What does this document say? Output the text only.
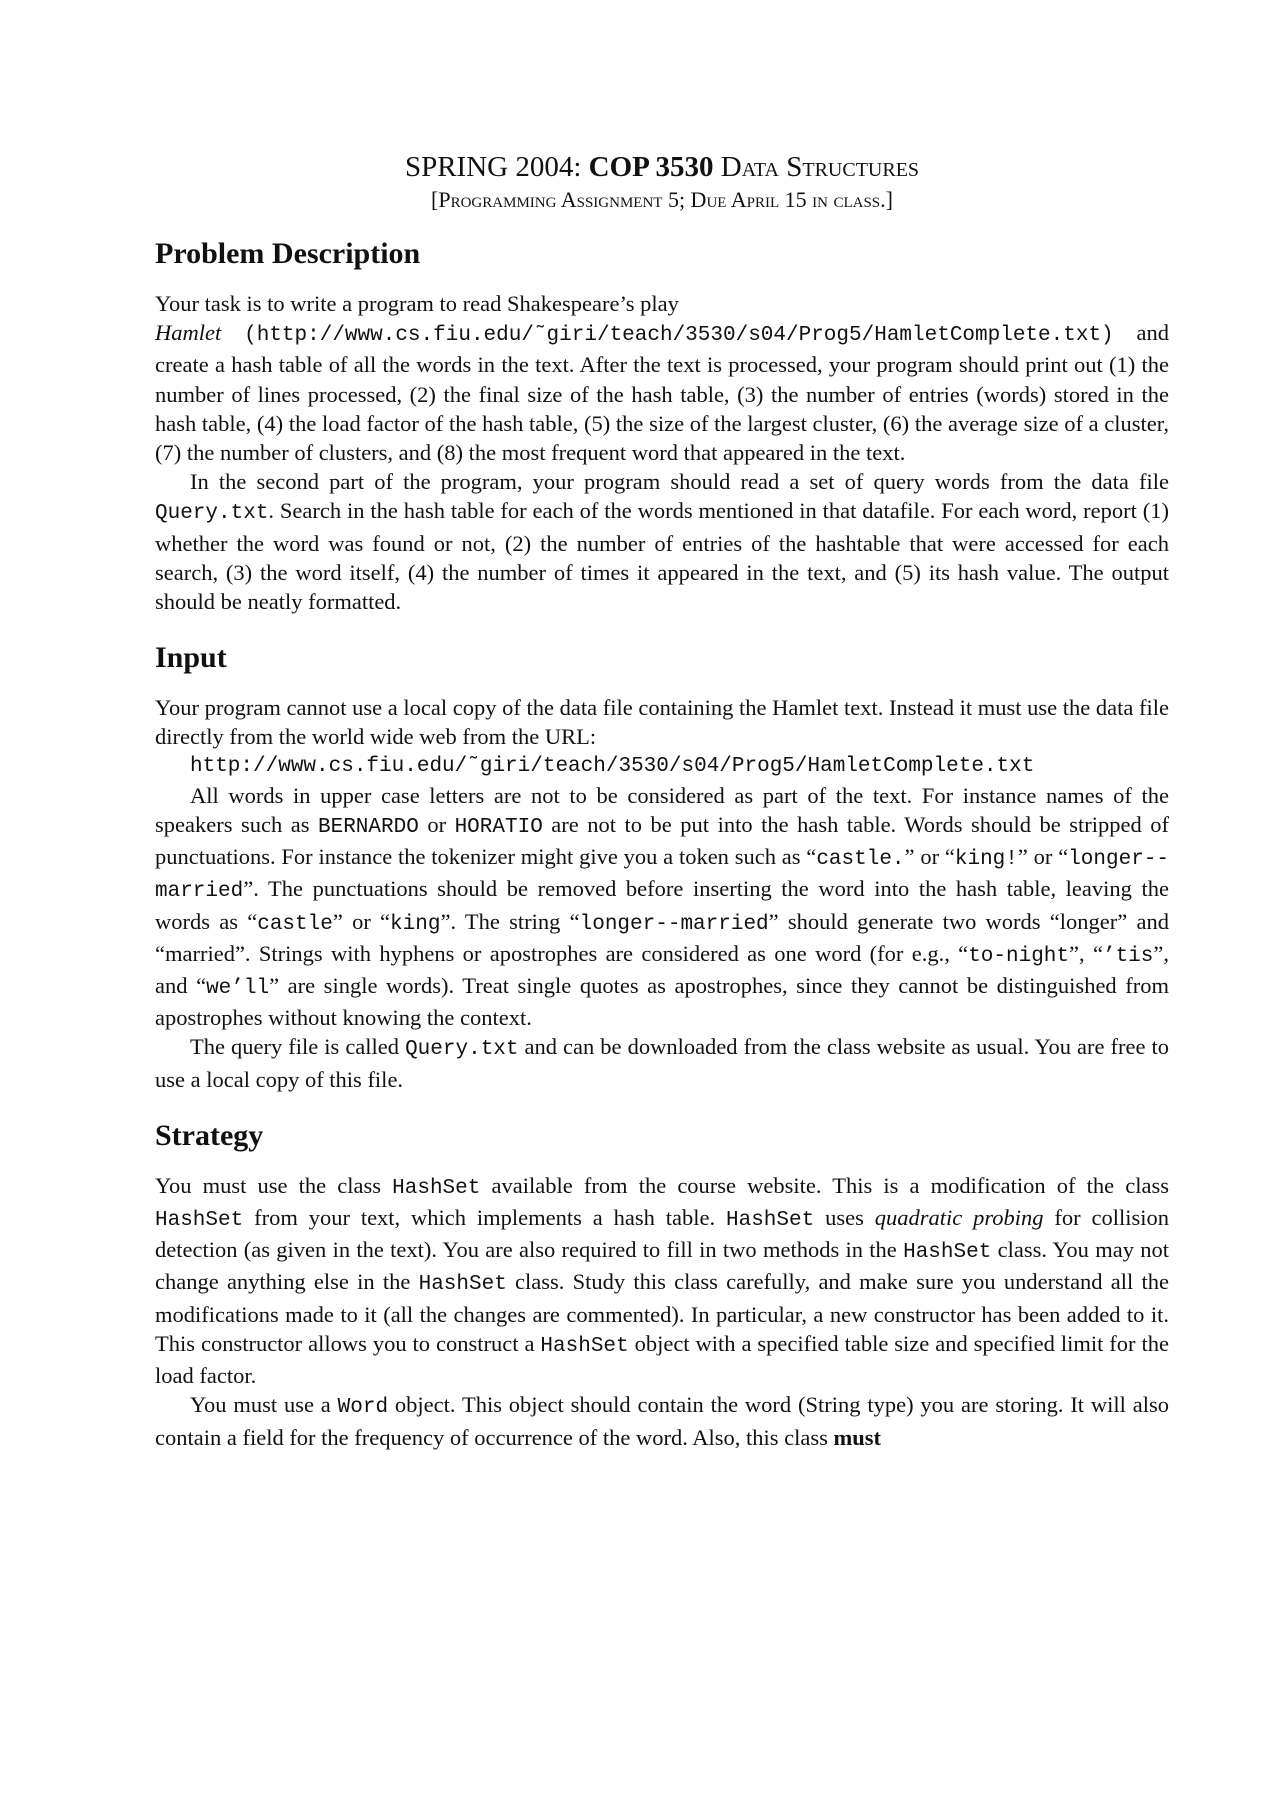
SPRING 2004: COP 3530 Data Structures
[Programming Assignment 5; Due April 15 in class.]
Problem Description

Your task is to write a program to read Shakespeare’s play
Hamlet (http://www.cs.fiu.edu/˜giri/teach/3530/s04/Prog5/HamletComplete.txt) and create a hash table of all the words in the text. After the text is processed, your program should print out (1) the number of lines processed, (2) the final size of the hash table, (3) the number of entries (words) stored in the hash table, (4) the load factor of the hash table, (5) the size of the largest cluster, (6) the average size of a cluster, (7) the number of clusters, and (8) the most frequent word that appeared in the text.

In the second part of the program, your program should read a set of query words from the data file Query.txt. Search in the hash table for each of the words mentioned in that datafile. For each word, report (1) whether the word was found or not, (2) the number of entries of the hashtable that were accessed for each search, (3) the word itself, (4) the number of times it appeared in the text, and (5) its hash value. The output should be neatly formatted.

Input

Your program cannot use a local copy of the data file containing the Hamlet text. Instead it must use the data file directly from the world wide web from the URL:

http://www.cs.fiu.edu/˜giri/teach/3530/s04/Prog5/HamletComplete.txt

All words in upper case letters are not to be considered as part of the text. For instance names of the speakers such as BERNARDO or HORATIO are not to be put into the hash table. Words should be stripped of punctuations. For instance the tokenizer might give you a token such as “castle.” or “king!” or “longer--married”. The punctuations should be removed before inserting the word into the hash table, leaving the words as “castle” or “king”. The string “longer--married” should generate two words “longer” and “married”. Strings with hyphens or apostrophes are considered as one word (for e.g., “to-night”, “’tis”, and “we’ll” are single words). Treat single quotes as apostrophes, since they cannot be distinguished from apostrophes without knowing the context.

The query file is called Query.txt and can be downloaded from the class website as usual. You are free to use a local copy of this file.

Strategy

You must use the class HashSet available from the course website. This is a modification of the class HashSet from your text, which implements a hash table. HashSet uses quadratic probing for collision detection (as given in the text). You are also required to fill in two methods in the HashSet class. You may not change anything else in the HashSet class. Study this class carefully, and make sure you understand all the modifications made to it (all the changes are commented). In particular, a new constructor has been added to it. This constructor allows you to construct a HashSet object with a specified table size and specified limit for the load factor.

You must use a Word object. This object should contain the word (String type) you are storing. It will also contain a field for the frequency of occurrence of the word. Also, this class must
